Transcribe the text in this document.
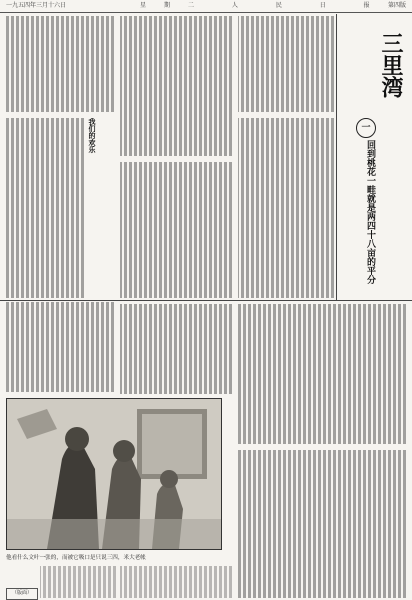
一九五四年三月十六日	星期二 人 民 日 报 第四版
三里湾
一
回到桃花一畦就是两四十八亩的平分
我们的欢乐
他看什么文叶一张的，而被它吸口是只说三四，米大老帐
（版面）
